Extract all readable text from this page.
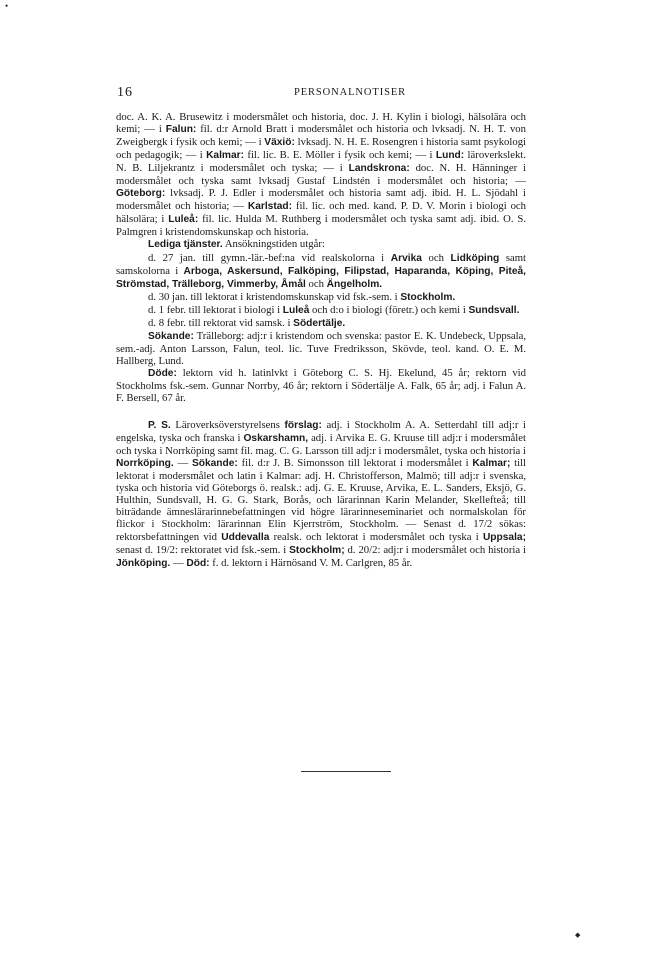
•
16	PERSONALNOTISER

doc. A. K. A. Brusewitz i modersmålet och historia, doc. J. H. Kylin i biologi, hälsolära och kemi; — i Falun: fil. d:r Arnold Bratt i modersmålet och historia och lvksadj. N. H. T. von Zweigbergk i fysik och kemi; — i Växiö: lvksadj. N. H. E. Rosengren i historia samt psykologi och pedagogik; — i Kalmar: fil. lic. B. E. Möller i fysik och kemi; — i Lund: läroverkslekt. N. B. Liljekrantz i modersmålet och tyska; — i Landskrona: doc. N. H. Hänninger i modersmålet och tyska samt lvksadj Gustaf Lindstén i modersmålet och historia; — Göteborg: lvksadj. P. J. Edler i modersmålet och historia samt adj. ibid. H. L. Sjödahl i modersmålet och historia; — Karlstad: fil. lic. och med. kand. P. D. V. Morin i biologi och hälsolära; i Luleå: fil. lic. Hulda M. Ruthberg i modersmålet och tyska samt adj. ibid. O. S. Palmgren i kristendomskunskap och historia.

Lediga tjänster. Ansökningstiden utgår:

d. 27 jan. till gymn.-lär.-bef:na vid realskolorna i Arvika och Lidköping samt samskolorna i Arboga, Askersund, Falköping, Filipstad, Haparanda, Köping, Piteå, Strömstad, Trälleborg, Vimmerby, Åmål och Ängelholm.

d. 30 jan. till lektorat i kristendomskunskap vid fsk.-sem. i Stockholm.

d. 1 febr. till lektorat i biologi i Luleå och d:o i biologi (företr.) och kemi i Sundsvall.

d. 8 febr. till rektorat vid samsk. i Södertälje.

Sökande: Trälleborg: adj:r i kristendom och svenska: pastor E. K. Undebeck, Uppsala, sem.-adj. Anton Larsson, Falun, teol. lic. Tuve Fredriksson, Skövde, teol. kand. O. E. M. Hallberg, Lund.

Döde: lektorn vid h. latinlvkt i Göteborg C. S. Hj. Ekelund, 45 år; rektorn vid Stockholms fsk.-sem. Gunnar Norrby, 46 år; rektorn i Södertälje A. Falk, 65 år; adj. i Falun A. F. Bersell, 67 år.

P. S. Läroverksöverstyrelsens förslag: adj. i Stockholm A. A. Setterdahl till adj:r i engelska, tyska och franska i Oskarshamn, adj. i Arvika E. G. Kruuse till adj:r i modersmålet och tyska i Norrköping samt fil. mag. C. G. Larsson till adj:r i modersmålet, tyska och historia i Norrköping. — Sökande: fil. d:r J. B. Simonsson till lektorat i modersmålet i Kalmar; till lektorat i modersmålet och latin i Kalmar: adj. H. Christofferson, Malmö; till adj:r i svenska, tyska och historia vid Göteborgs ö. realsk.: adj. G. E. Kruuse, Arvika, E. L. Sanders, Eksjö, G. Hulthin, Sundsvall, H. G. G. Stark, Borås, och lärarinnan Karin Melander, Skellefteå; till biträdande ämneslärarinnebefattningen vid högre lärarinneseminariet och normalskolan för flickor i Stockholm: lärarinnan Elin Kjerrström, Stockholm. — Senast d. 17/2 sökas: rektorsbefattningen vid Uddevalla realsk. och lektorat i modersmålet och tyska i Uppsala; senast d. 19/2: rektoratet vid fsk.-sem. i Stockholm; d. 20/2: adj:r i modersmålet och historia i Jönköping. — Död: f. d. lektorn i Härnösand V. M. Carlgren, 85 år.

◆
